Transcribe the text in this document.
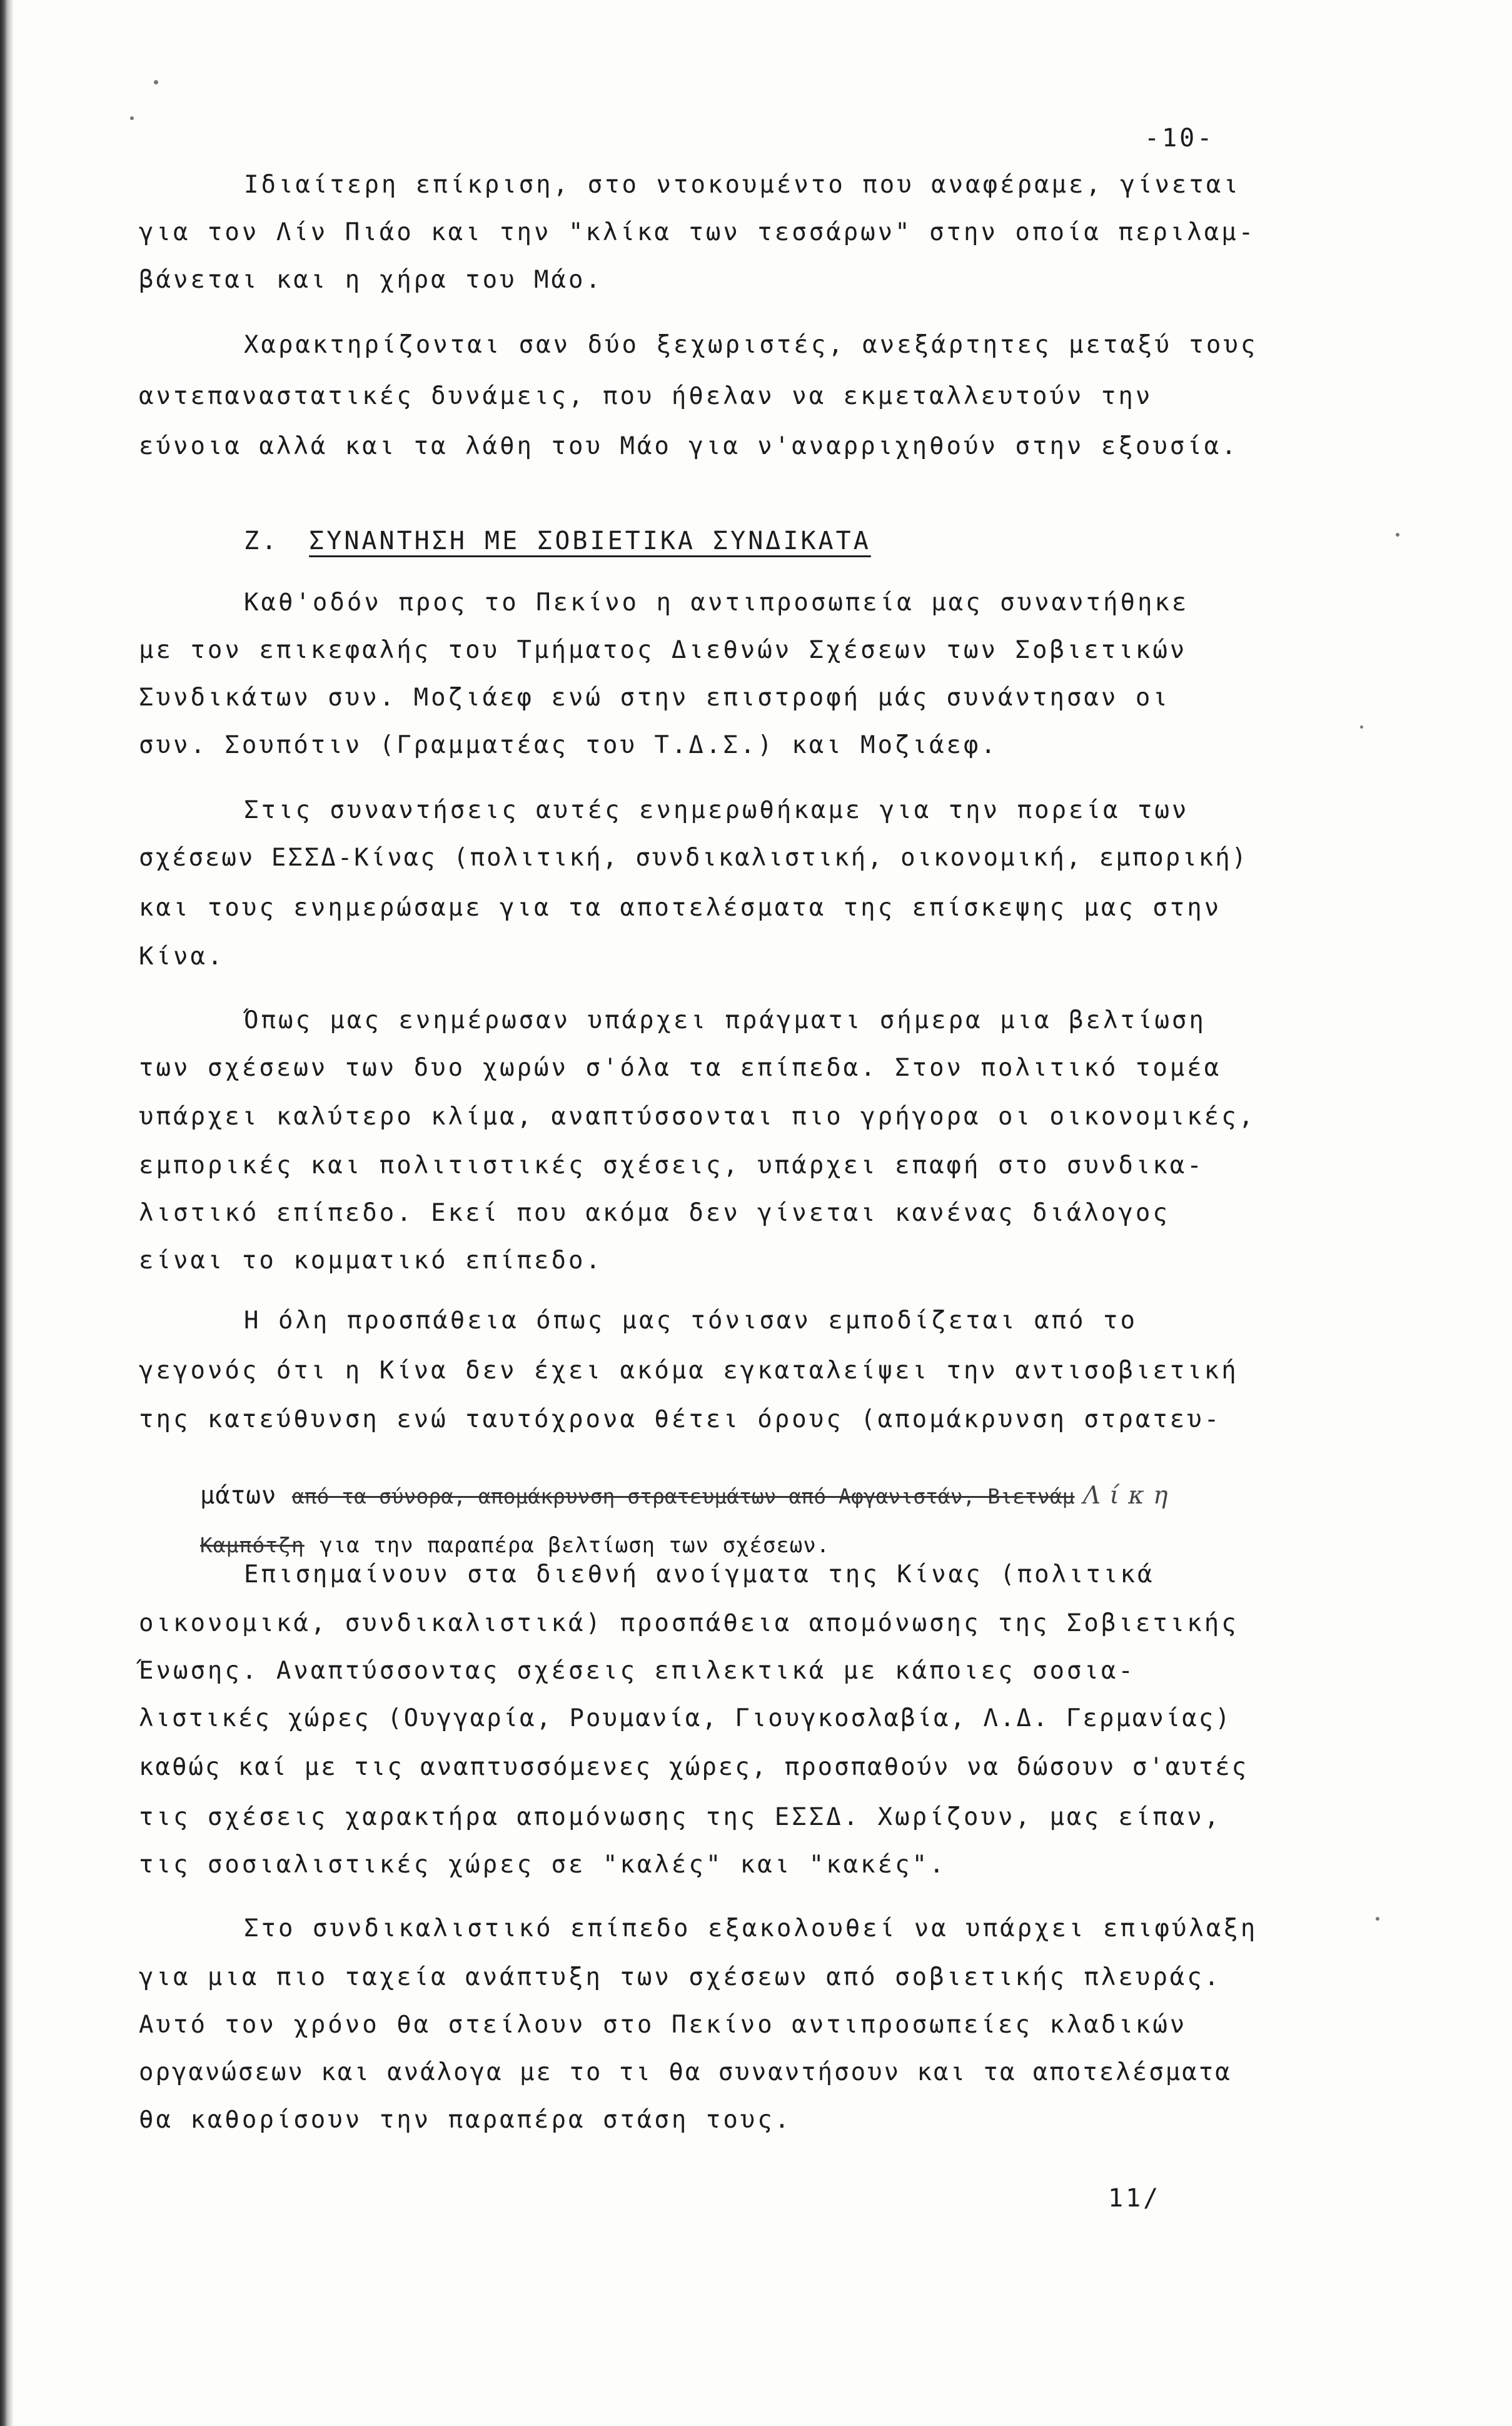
-10-
Ιδιαίτερη επίκριση, στο ντοκουμέντο που αναφέραμε, γίνεται
για τον Λίν Πιάο και την "κλίκα των τεσσάρων" στην οποία περιλαμ-
βάνεται και η χήρα του Μάο.
Χαρακτηρίζονται σαν δύο ξεχωριστές, ανεξάρτητες μεταξύ τους
αντεπαναστατικές δυνάμεις, που ήθελαν να εκμεταλλευτούν την
εύνοια αλλά και τα λάθη του Μάο για ν'αναρριχηθούν στην εξουσία.
Ζ. ΣΥΝΑΝΤΗΣΗ ΜΕ ΣΟΒΙΕΤΙΚΑ ΣΥΝΔΙΚΑΤΑ
Καθ'οδόν προς το Πεκίνο η αντιπροσωπεία μας συναντήθηκε
με τον επικεφαλής του Τμήματος Διεθνών Σχέσεων των Σοβιετικών
Συνδικάτων συν. Μοζιάεφ ενώ στην επιστροφή μάς συνάντησαν οι
συν. Σουπότιν (Γραμματέας του Τ.Δ.Σ.) και Μοζιάεφ.
Στις συναντήσεις αυτές ενημερωθήκαμε για την πορεία των
σχέσεων ΕΣΣΔ-Κίνας (πολιτική, συνδικαλιστική, οικονομική, εμπορική)
και τους ενημερώσαμε για τα αποτελέσματα της επίσκεψης μας στην
Κίνα.
Όπως μας ενημέρωσαν υπάρχει πράγματι σήμερα μια βελτίωση
των σχέσεων των δυο χωρών σ'όλα τα επίπεδα. Στον πολιτικό τομέα
υπάρχει καλύτερο κλίμα, αναπτύσσονται πιο γρήγορα οι οικονομικές,
εμπορικές και πολιτιστικές σχέσεις, υπάρχει επαφή στο συνδικα-
λιστικό επίπεδο. Εκεί που ακόμα δεν γίνεται κανένας διάλογος
είναι το κομματικό επίπεδο.
Η όλη προσπάθεια όπως μας τόνισαν εμποδίζεται από το
γεγονός ότι η Κίνα δεν έχει ακόμα εγκαταλείψει την αντισοβιετική
της κατεύθυνση ενώ ταυτόχρονα θέτει όρους (απομάκρυνση στρατευ-

μάτων από τα σύνορα, απομάκρυνση στρατευμάτων από Αφγανιστάν, Βιετνάμ Λ ί κ η

Καμπότζη για την παραπέρα βελτίωση των σχέσεων.

Επισημαίνουν στα διεθνή ανοίγματα της Κίνας (πολιτικά
οικονομικά, συνδικαλιστικά) προσπάθεια απομόνωσης της Σοβιετικής
Ένωσης. Αναπτύσσοντας σχέσεις επιλεκτικά με κάποιες σοσια-
λιστικές χώρες (Ουγγαρία, Ρουμανία, Γιουγκοσλαβία, Λ.Δ. Γερμανίας)
καθώς καί με τις αναπτυσσόμενες χώρες, προσπαθούν να δώσουν σ'αυτές
τις σχέσεις χαρακτήρα απομόνωσης της ΕΣΣΔ. Χωρίζουν, μας είπαν,
τις σοσιαλιστικές χώρες σε "καλές" και "κακές".
Στο συνδικαλιστικό επίπεδο εξακολουθεί να υπάρχει επιφύλαξη
για μια πιο ταχεία ανάπτυξη των σχέσεων από σοβιετικής πλευράς.
Αυτό τον χρόνο θα στείλουν στο Πεκίνο αντιπροσωπείες κλαδικών
οργανώσεων και ανάλογα με το τι θα συναντήσουν και τα αποτελέσματα
θα καθορίσουν την παραπέρα στάση τους.
11/
